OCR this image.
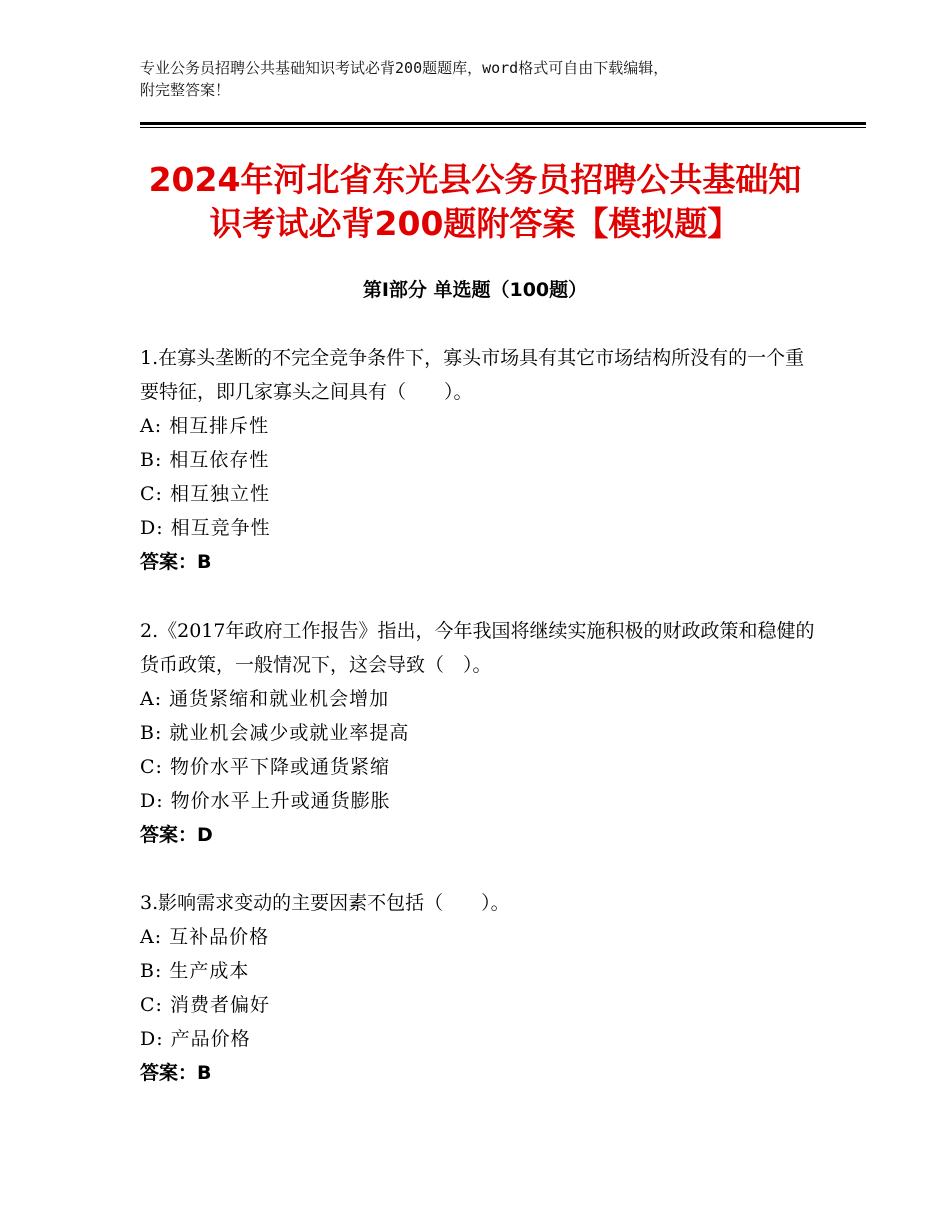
专业公务员招聘公共基础知识考试必背200题题库，word格式可自由下载编辑，
附完整答案！
2024年河北省东光县公务员招聘公共基础知
识考试必背200题附答案【模拟题】
第I部分 单选题（100题）
1.在寡头垄断的不完全竞争条件下，寡头市场具有其它市场结构所没有的一个重要特征，即几家寡头之间具有（　　）。
A: 相互排斥性
B: 相互依存性
C: 相互独立性
D: 相互竞争性
答案：B
2.《2017年政府工作报告》指出，今年我国将继续实施积极的财政政策和稳健的货币政策，一般情况下，这会导致（　）。
A: 通货紧缩和就业机会增加
B: 就业机会减少或就业率提高
C: 物价水平下降或通货紧缩
D: 物价水平上升或通货膨胀
答案：D
3.影响需求变动的主要因素不包括（　　）。
A: 互补品价格
B: 生产成本
C: 消费者偏好
D: 产品价格
答案：B
